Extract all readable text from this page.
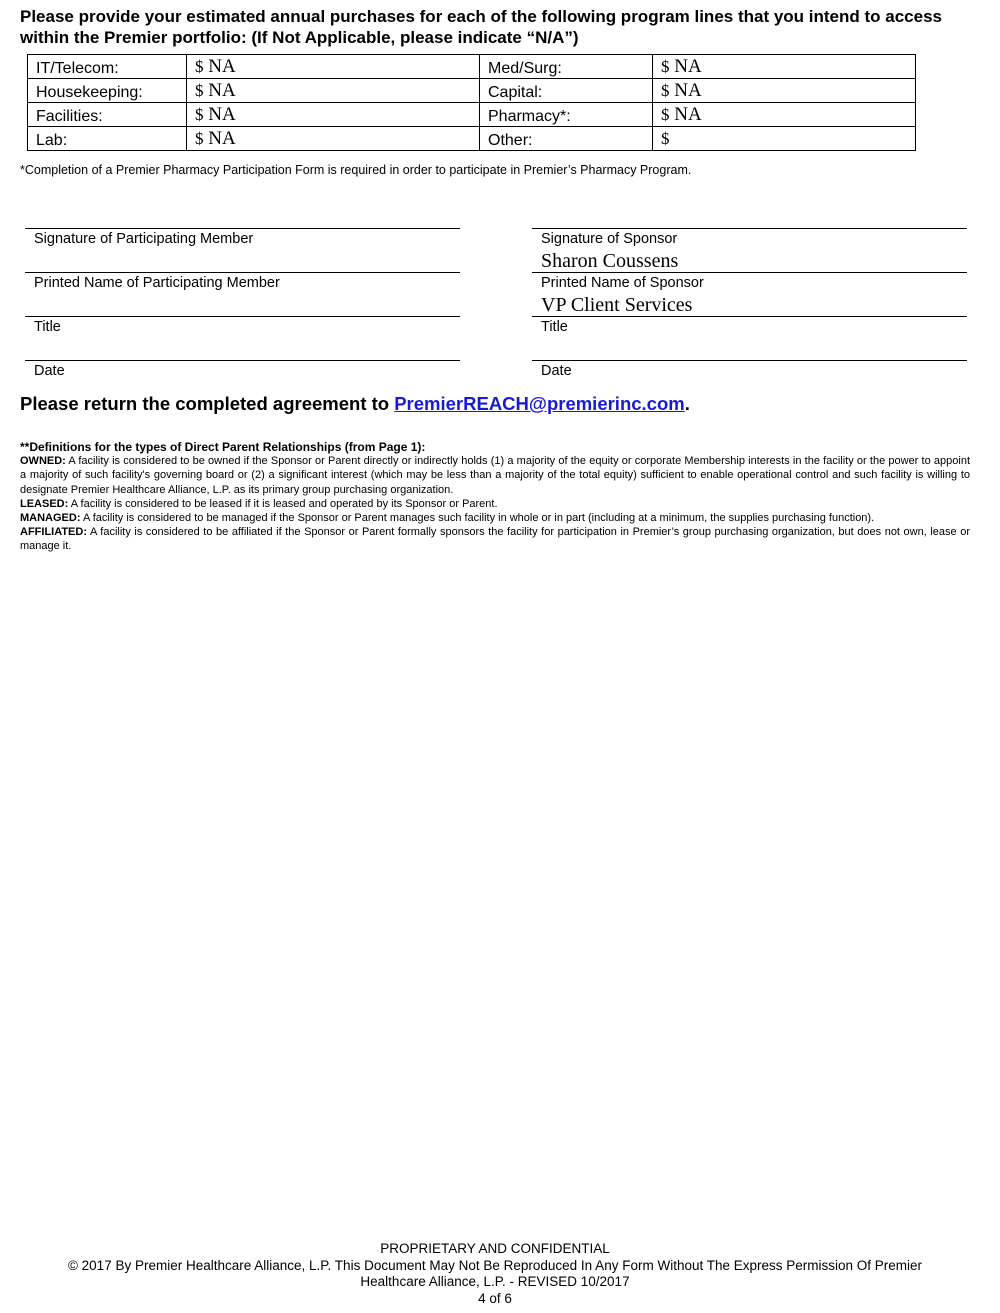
Please provide your estimated annual purchases for each of the following program lines that you intend to access within the Premier portfolio: (If Not Applicable, please indicate “N/A”)
IT/Telecom:	$ NA	Med/Surg:	$ NA
Housekeeping:	$ NA	Capital:	$ NA
Facilities:	$ NA	Pharmacy*:	$ NA
Lab:	$ NA	Other:	$
*Completion of a Premier Pharmacy Participation Form is required in order to participate in Premier’s Pharmacy Program.
Signature of Participating Member
Printed Name of Participating Member
Title
Date
Signature of Sponsor
Sharon Coussens
Printed Name of Sponsor
VP Client Services
Title
Date
Please return the completed agreement to PremierREACH@premierinc.com.
**Definitions for the types of Direct Parent Relationships (from Page 1):
OWNED: A facility is considered to be owned if the Sponsor or Parent directly or indirectly holds (1) a majority of the equity or corporate Membership interests in the facility or the power to appoint a majority of such facility's governing board or (2) a significant interest (which may be less than a majority of the total equity) sufficient to enable operational control and such facility is willing to designate Premier Healthcare Alliance, L.P. as its primary group purchasing organization.
LEASED: A facility is considered to be leased if it is leased and operated by its Sponsor or Parent.
MANAGED: A facility is considered to be managed if the Sponsor or Parent manages such facility in whole or in part (including at a minimum, the supplies purchasing function).
AFFILIATED: A facility is considered to be affiliated if the Sponsor or Parent formally sponsors the facility for participation in Premier’s group purchasing organization, but does not own, lease or manage it.
PROPRIETARY AND CONFIDENTIAL
© 2017 By Premier Healthcare Alliance, L.P. This Document May Not Be Reproduced In Any Form Without The Express Permission Of Premier
Healthcare Alliance, L.P. - REVISED 10/2017
4 of 6
